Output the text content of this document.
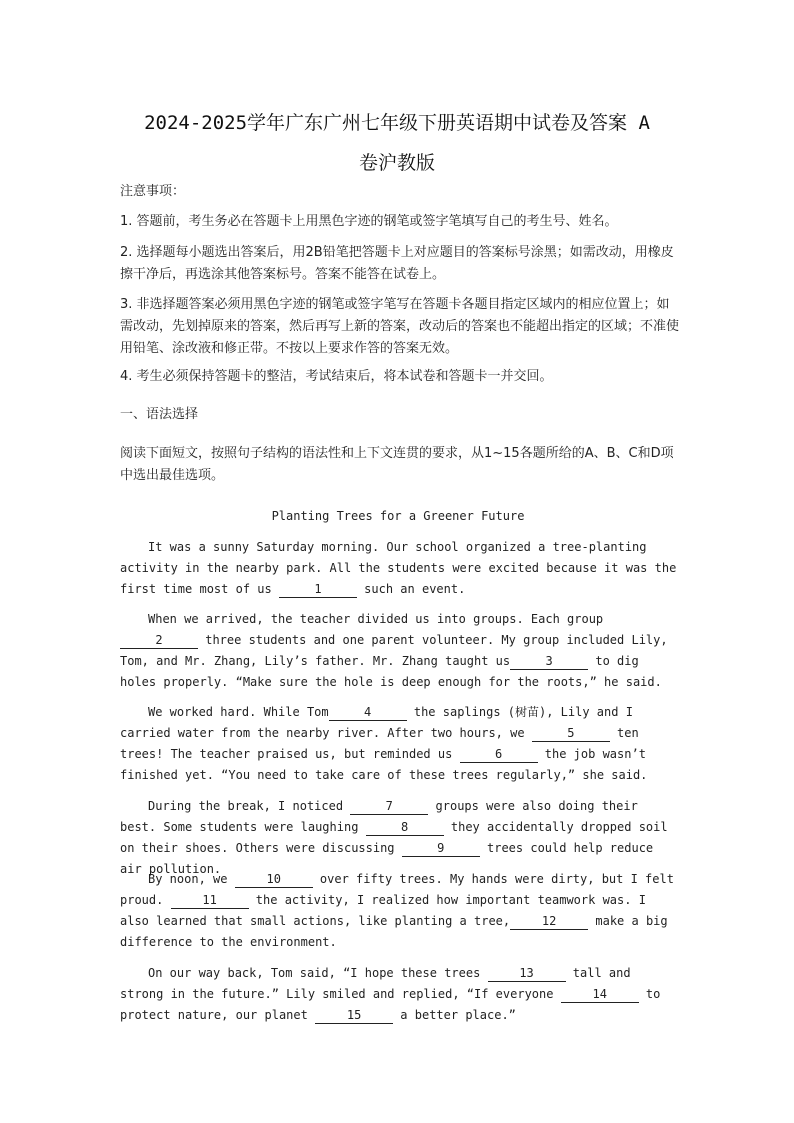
2024-2025学年广东广州七年级下册英语期中试卷及答案 A
卷沪教版
注意事项：
1. 答题前，考生务必在答题卡上用黑色字迹的钢笔或签字笔填写自己的考生号、姓名。
2. 选择题每小题选出答案后，用2B铅笔把答题卡上对应题目的答案标号涂黑；如需改动，用橡皮擦干净后，再选涂其他答案标号。答案不能答在试卷上。
3. 非选择题答案必须用黑色字迹的钢笔或签字笔写在答题卡各题目指定区域内的相应位置上；如需改动，先划掉原来的答案，然后再写上新的答案，改动后的答案也不能超出指定的区域；不准使用铅笔、涂改液和修正带。不按以上要求作答的答案无效。
4. 考生必须保持答题卡的整洁，考试结束后，将本试卷和答题卡一并交回。
一、语法选择
阅读下面短文，按照句子结构的语法性和上下文连贯的要求，从1~15各题所给的A、B、C和D项中选出最佳选项。
Planting Trees for a Greener Future

It was a sunny Saturday morning. Our school organized a tree-planting activity in the nearby park. All the students were excited because it was the first time most of us	1	such an event.

When we arrived, the teacher divided us into groups. Each group 2	three students and one parent volunteer. My group included Lily, Tom, and Mr. Zhang, Lily’s father. Mr. Zhang taught us	3	to dig holes properly. “Make sure the hole is deep enough for the roots,” he said.

We worked hard. While Tom	4	the saplings (树苗), Lily and I carried water from the nearby river. After two hours, we	5	ten trees! The teacher praised us, but reminded us	6	the job wasn’t finished yet. “You need to take care of these trees regularly,” she said.

During the break, I noticed	7	groups were also doing their best. Some students were laughing	8	they accidentally dropped soil on their shoes. Others were discussing	9	trees could help reduce air pollution.

By noon, we	10	over fifty trees. My hands were dirty, but I felt proud.	11	the activity, I realized how important teamwork was. I also learned that small actions, like planting a tree,	12	make a big difference to the environment.

On our way back, Tom said, “I hope these trees	13	tall and strong in the future.” Lily smiled and replied, “If everyone	14	to protect nature, our planet	15	a better place.”
